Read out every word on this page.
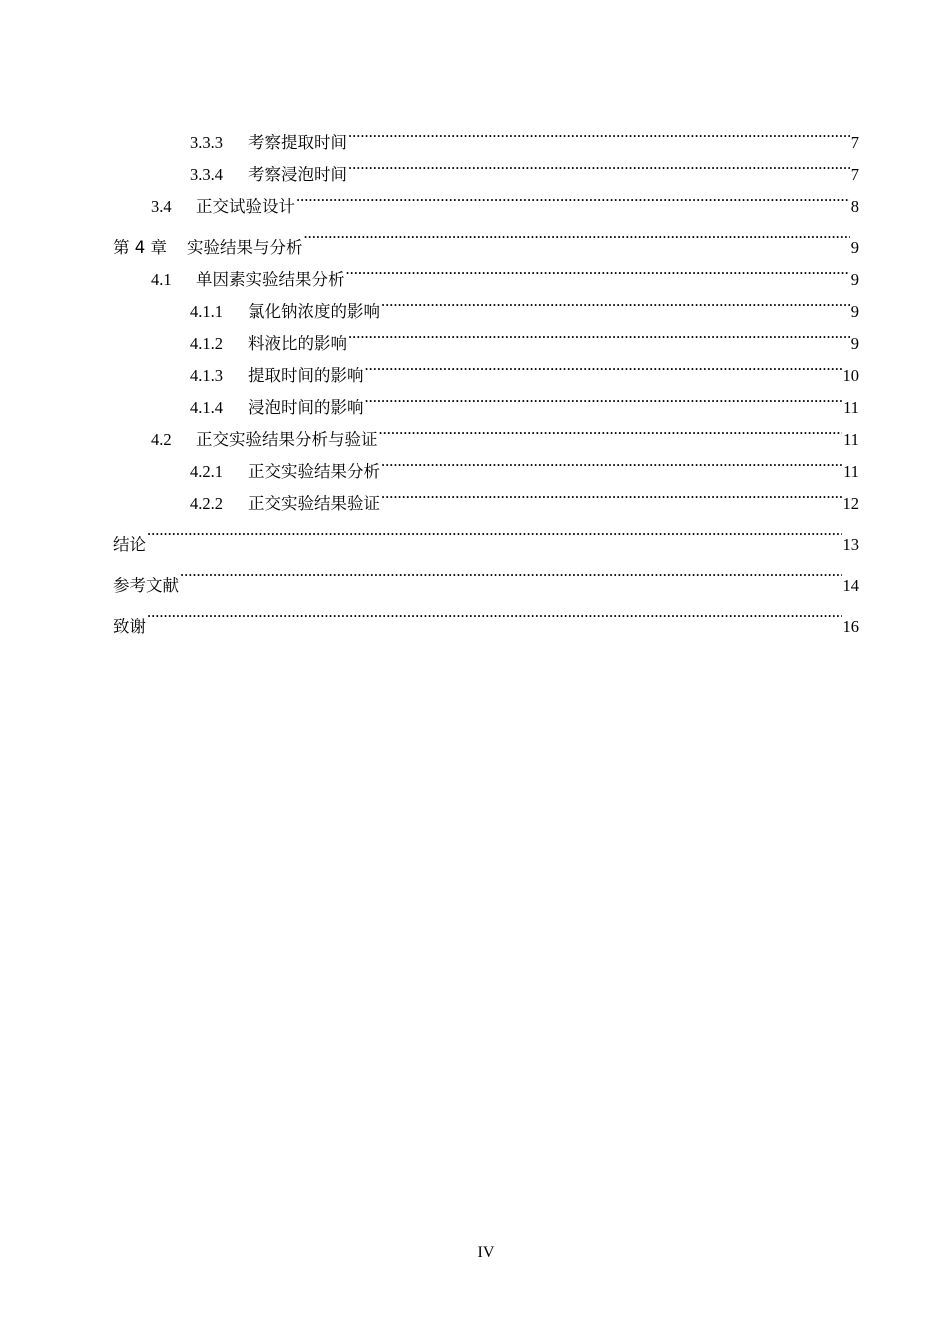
3.3.3	考察提取时间 .....	7
3.3.4	考察浸泡时间 .....	7
3.4	正交试验设计 .....	8
第 4 章	实验结果与分析 .....	9
4.1	单因素实验结果分析 .....	9
4.1.1	氯化钠浓度的影响 .....	9
4.1.2	料液比的影响 .....	9
4.1.3	提取时间的影响 .....	10
4.1.4	浸泡时间的影响 .....	11
4.2	正交实验结果分析与验证 .....	11
4.2.1	正交实验结果分析 .....	11
4.2.2	正交实验结果验证 .....	12
结论 .....	13
参考文献 .....	14
致谢 .....	16
IV
